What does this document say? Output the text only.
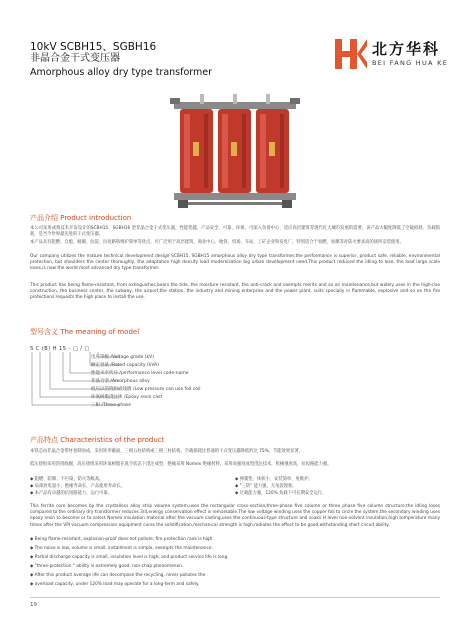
10kV SCBH15、SGBH16
非晶合金干式变压器
Amorphous alloy dry type transformer
北方华科
BEI FANG HUA KE
产品介绍 Product introduction
本公司采用成熟技术开发设计的SCBH15、SGBH16 型非晶合金干式变压器，性能优越，产品安全、可靠、环保，可深入负荷中心，适应高层建筑等现代化大城市发展的需要。该产品大幅度降低了空载损耗、负载损耗，是当今世界最先进的干式变压器。
本产品具有阻燃、自熄、耐潮、抗裂、抗短路和维护简单等优点，可广泛用于高层建筑、商业中心、地铁、机场、车站、工矿企业和发电厂，特别适合于易燃、易爆等对防火要求高的场所安装使用。
Our company utilizes the mature technical development design SCBH15, SGBH15 amorphous alloy dry type transformer,the performance is superior, product safe, reliable, environmental protection, but shoulders the center thoroughly, the adaptation high density load modernization big urban development need.This product reduced the idling to lose, the load large scale loses,is now the world most advanced dry type transformer.
This product has being flame-resistant, from extinguishes,bears the tide, the moisture resistant, the anti-crack and exempts merits and so on maintenance,but widely uses in the high-rise construction, the business center, the subway, the airport,the station, the industry and mining enterprise and the power plant, suits specially in flammable, explosive and so on the fire protections requests the high place to install the use.
型号含义 The meaning of model
S C (B) H 15 - □ / □
电压等级 /Voltage grade (kV)
额定容量 /Rated capacity (kVA)
性能水平代号 /performance level code-name
非晶合金 /Amorphous alloy
低压以箔绕组或线圈 /Low pressure can use foil coil
环氧树脂浇注体 /Epoxy resin cast
三相 /Three-phase
产品特点 Characteristics of the product
本铁芯由非晶合金带材卷制而成，采用矩形截面，三相五柱结构或三相三柱结构，空载损耗比普通的干式变压器降低约达 75%，节能效果显著。
低压绕组采用箔绕线圈，高压绕组采用环氧树脂在真空状态下浇注成型，绝缘采用 Nomex 绝缘材料，采用高强度成型浇注技术，机械强度高，抗短路能力强。
◆ 阻燃、防爆、不污染、防火等级高。
◆ 局部放电量小，绝缘寿命长，产品使用寿命长。
◆ 本产品有卓越的抗短路能力，运行可靠。
◆ 弹簧垫，体积小，安装简单、免维护。
◆ "三防" 能力强，无龟裂现象。
◆ 过载能力强，120% 负载下可长期安全运行。
This ferrite core becomes by the crystalless alloy strip volume system,uses the rectangular cross-section,three-phase five column or three phase five column structure,the idling loses compared to the ordinary dry transformer reduces 3/4,energy conservation effect is remarkable.The low voltage winding uses the copper foil to circle the system,the secondary winding uses epoxy resin to become or to select Nomex insulation material after the vacuum casting,uses the continuous-type structure and soaks H level non-solvent insulation,high temperature many times after the VPI vacuum compression equipment cures the solidification,mechanical strength is high,radiates the effect to be good,withstanding short circuit ability.
◆ Being flame-resistant, explosion-proof does not pollute, fire protection rank is high.
◆ The noise is low, volume is small, installment is simple, exempts the maintenance.
◆ Partial discharge capacity is small, insulation level is high, and product service life is long.
◆ "three-protection " ability is extremely good, non-chap phenomenon.
◆ After this product average life can decompose the recycling, never pollutes the
◆ overload capacity, under 120% load may operate for a long-term and safely.
19
